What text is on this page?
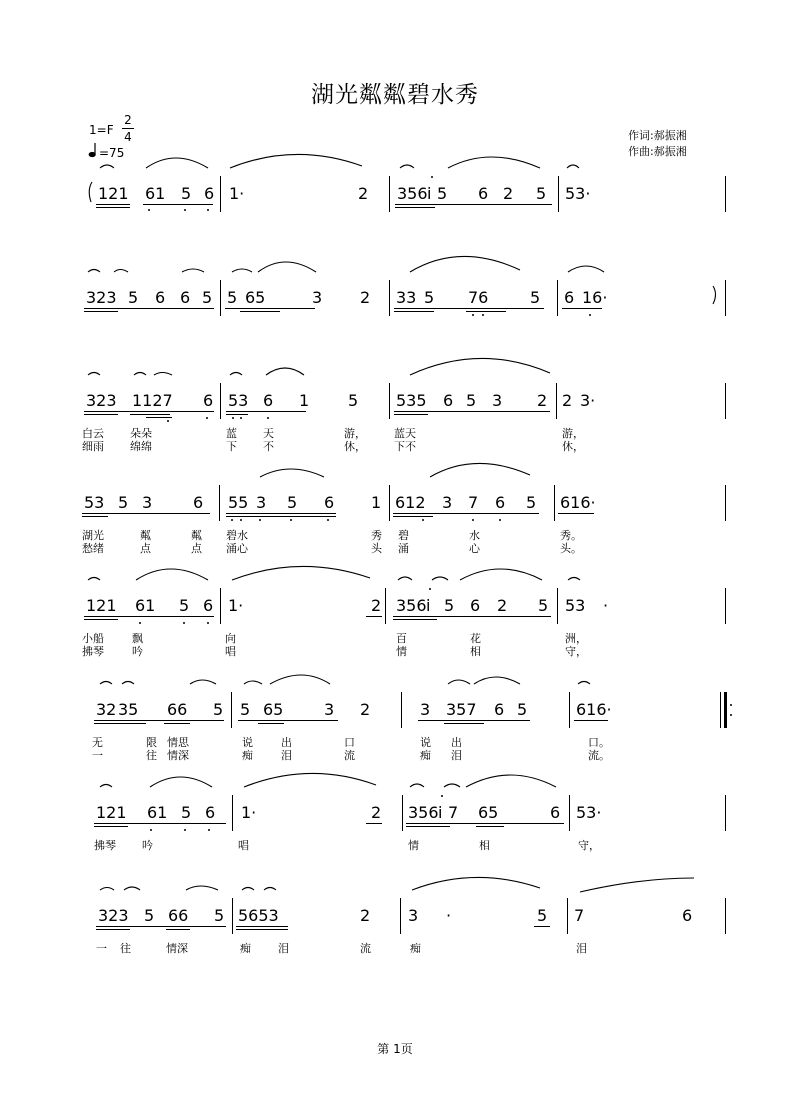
湖光粼粼碧水秀
1=F
2
4
=75
作词:郝振湘
作曲:郝振湘
121 61 5 6 1·	2 356 i 5 6 2 5 53·
323 5 6 6 5 5 65	3 2 33 5 76	5 6 16·
323 1127 6 53 6 1 5 535 6 5 3 2 2 3·
白云 朵朵	蓝 天	游，	蓝天	游，
细雨 绵绵	下 不	休，	下不	休，
53 5 3	6 55 3 5 6 1 612 3 7 6 5 616·
湖光	粼	粼 碧水	秀 碧	水	秀。
愁绪	点	点 涌心	头 涌	心	头。
121 61 5 6 1·	2 356 i 5 6 2 5 53 ·
小船	飘	向	百	花	洲，
拂琴	吟	唱	情	相	守，
32 35 66 5 5 65	3 2	3 357 6 5	616·
无	限 情思	说	出	口	说 出	口。
一	往 情深	痴	泪	流	痴 泪	流。
121 61 5 6 1·	2 356 i 7 65	6 53·
拂琴 吟	唱	情	相	守，
323 5 66 5 5653	2 3 ·	5 7	6
一 往	情深	痴 泪	流	痴	泪
第 1页
